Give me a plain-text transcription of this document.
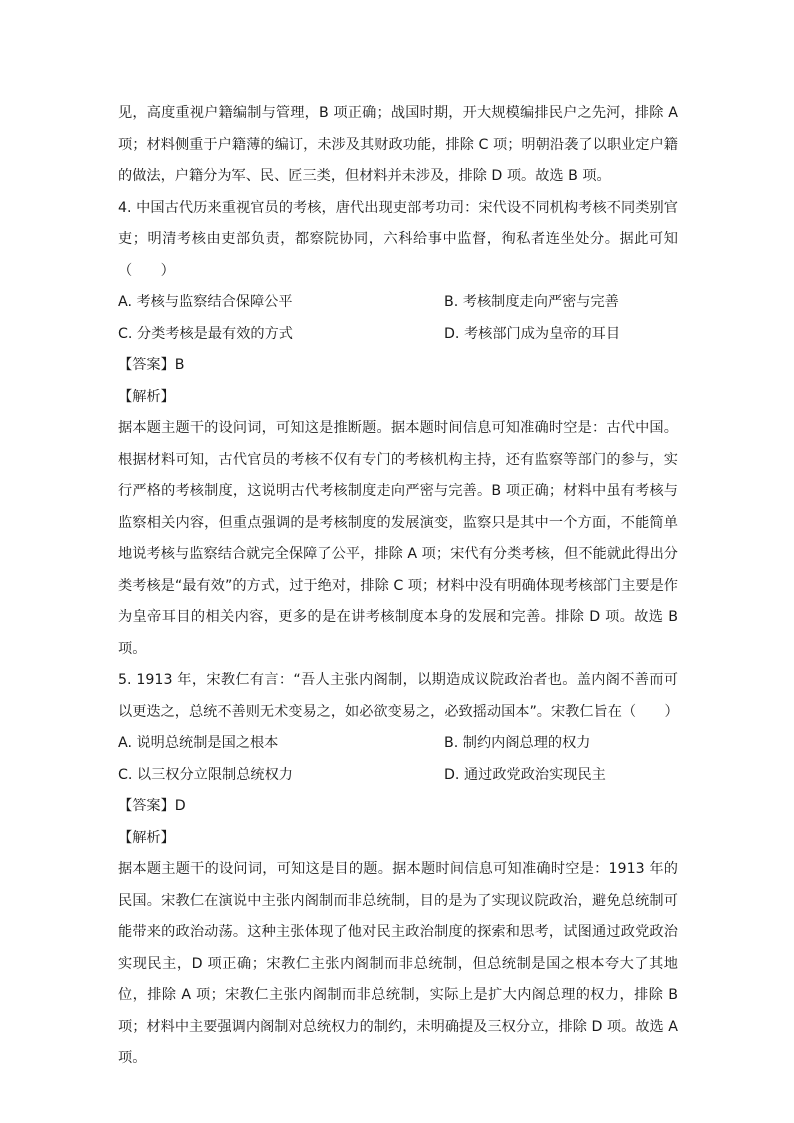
见，高度重视户籍编制与管理，B 项正确；战国时期，开大规模编排民户之先河，排除 A 项；材料侧重于户籍薄的编订，未涉及其财政功能，排除 C 项；明朝沿袭了以职业定户籍的做法，户籍分为军、民、匠三类，但材料并未涉及，排除 D 项。故选 B 项。

4. 中国古代历来重视官员的考核，唐代出现吏部考功司：宋代设不同机构考核不同类别官吏；明清考核由吏部负责，都察院协同，六科给事中监督，徇私者连坐处分。据此可知（　　）

A. 考核与监察结合保障公平	B. 考核制度走向严密与完善
C. 分类考核是最有效的方式	D. 考核部门成为皇帝的耳目

【答案】B

【解析】

据本题主题干的设问词，可知这是推断题。据本题时间信息可知准确时空是：古代中国。根据材料可知，古代官员的考核不仅有专门的考核机构主持，还有监察等部门的参与，实行严格的考核制度，这说明古代考核制度走向严密与完善。B 项正确；材料中虽有考核与监察相关内容，但重点强调的是考核制度的发展演变，监察只是其中一个方面，不能简单地说考核与监察结合就完全保障了公平，排除 A 项；宋代有分类考核，但不能就此得出分类考核是“最有效”的方式，过于绝对，排除 C 项；材料中没有明确体现考核部门主要是作为皇帝耳目的相关内容，更多的是在讲考核制度本身的发展和完善。排除 D 项。故选 B 项。

5. 1913 年，宋教仁有言：“吾人主张内阁制，以期造成议院政治者也。盖内阁不善而可以更迭之，总统不善则无术变易之，如必欲变易之，必致摇动国本”。宋教仁旨在（　　）

A. 说明总统制是国之根本	B. 制约内阁总理的权力
C. 以三权分立限制总统权力	D. 通过政党政治实现民主

【答案】D

【解析】

据本题主题干的设问词，可知这是目的题。据本题时间信息可知准确时空是：1913 年的民国。宋教仁在演说中主张内阁制而非总统制，目的是为了实现议院政治，避免总统制可能带来的政治动荡。这种主张体现了他对民主政治制度的探索和思考，试图通过政党政治实现民主，D 项正确；宋教仁主张内阁制而非总统制，但总统制是国之根本夸大了其地位，排除 A 项；宋教仁主张内阁制而非总统制，实际上是扩大内阁总理的权力，排除 B 项；材料中主要强调内阁制对总统权力的制约，未明确提及三权分立，排除 D 项。故选 A 项。
